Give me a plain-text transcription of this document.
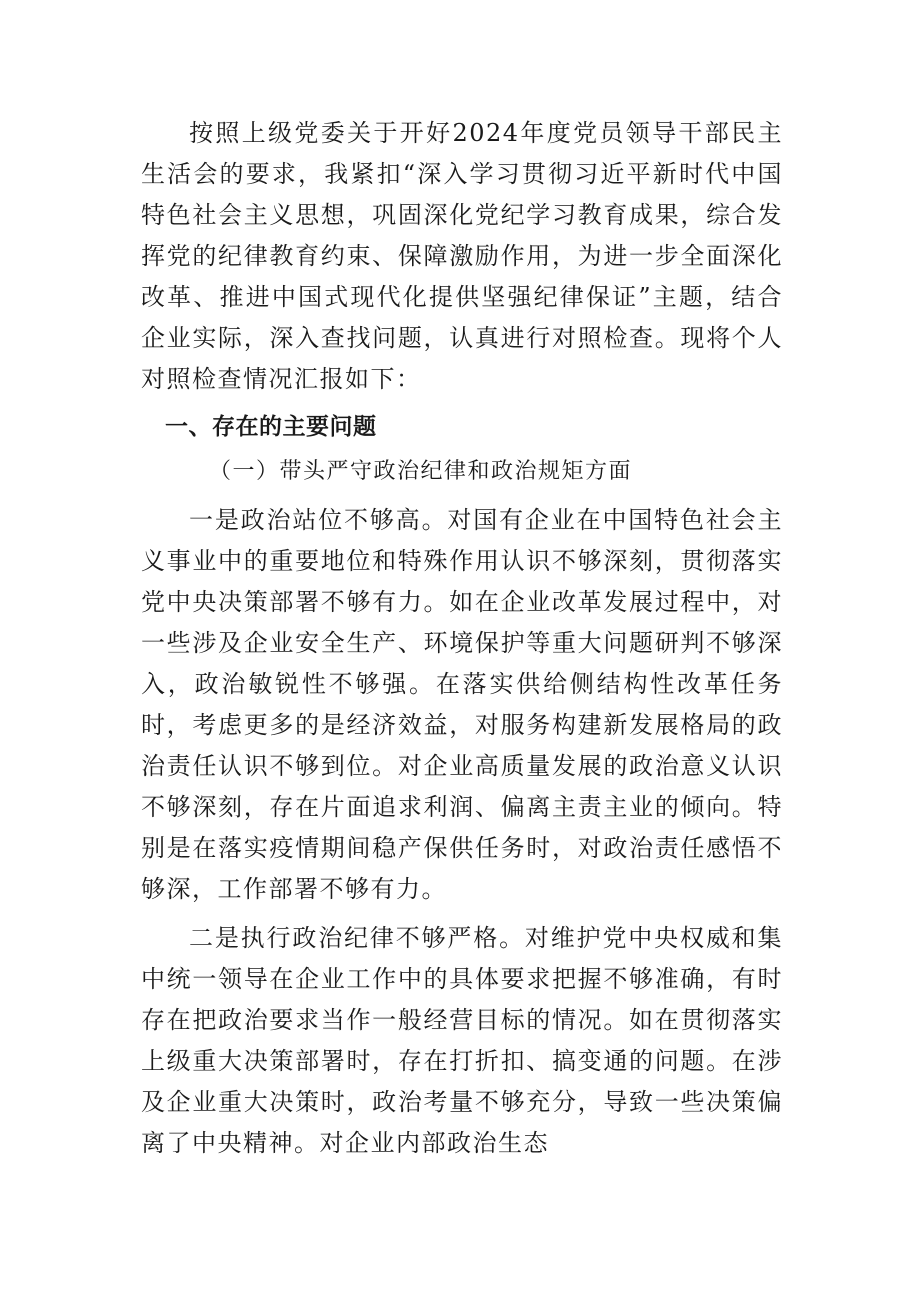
按照上级党委关于开好2024年度党员领导干部民主生活会的要求，我紧扣“深入学习贯彻习近平新时代中国特色社会主义思想，巩固深化党纪学习教育成果，综合发挥党的纪律教育约束、保障激励作用，为进一步全面深化改革、推进中国式现代化提供坚强纪律保证”主题，结合企业实际，深入查找问题，认真进行对照检查。现将个人对照检查情况汇报如下：

一、存在的主要问题
（一）带头严守政治纪律和政治规矩方面

一是政治站位不够高。对国有企业在中国特色社会主义事业中的重要地位和特殊作用认识不够深刻，贯彻落实党中央决策部署不够有力。如在企业改革发展过程中，对一些涉及企业安全生产、环境保护等重大问题研判不够深入，政治敏锐性不够强。在落实供给侧结构性改革任务时，考虑更多的是经济效益，对服务构建新发展格局的政治责任认识不够到位。对企业高质量发展的政治意义认识不够深刻，存在片面追求利润、偏离主责主业的倾向。特别是在落实疫情期间稳产保供任务时，对政治责任感悟不够深，工作部署不够有力。

二是执行政治纪律不够严格。对维护党中央权威和集中统一领导在企业工作中的具体要求把握不够准确，有时存在把政治要求当作一般经营目标的情况。如在贯彻落实上级重大决策部署时，存在打折扣、搞变通的问题。在涉及企业重大决策时，政治考量不够充分，导致一些决策偏离了中央精神。对企业内部政治生态
